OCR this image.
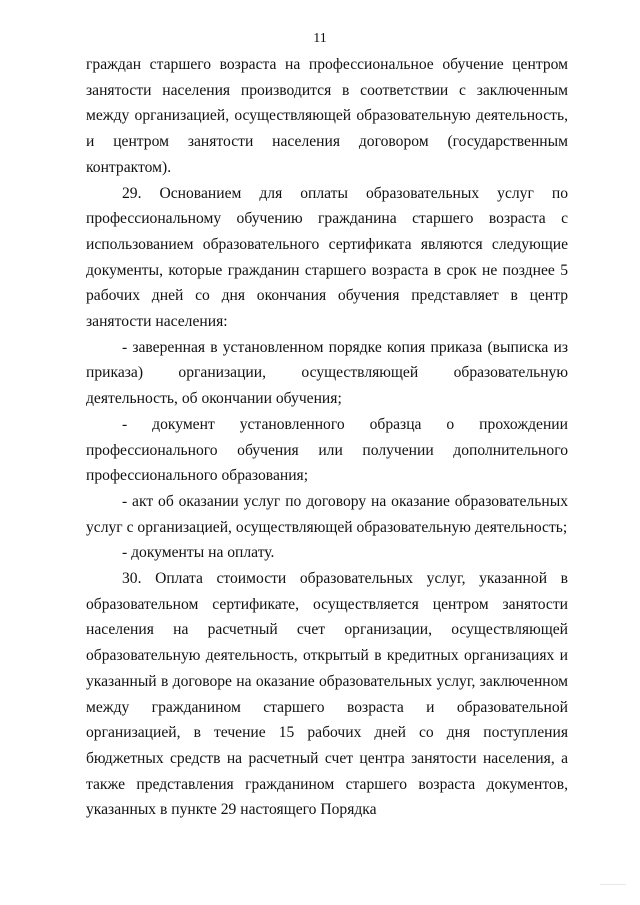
11

граждан старшего возраста на профессиональное обучение центром занятости населения производится в соответствии с заключенным между организацией, осуществляющей образовательную деятельность, и центром занятости населения договором (государственным контрактом).

29. Основанием для оплаты образовательных услуг по профессиональному обучению гражданина старшего возраста с использованием образовательного сертификата являются следующие документы, которые гражданин старшего возраста в срок не позднее 5 рабочих дней со дня окончания обучения представляет в центр занятости населения:

- заверенная в установленном порядке копия приказа (выписка из приказа) организации, осуществляющей образовательную деятельность, об окончании обучения;

- документ установленного образца о прохождении профессионального обучения или получении дополнительного профессионального образования;

- акт об оказании услуг по договору на оказание образовательных услуг с организацией, осуществляющей образовательную деятельность;

- документы на оплату.

30. Оплата стоимости образовательных услуг, указанной в образовательном сертификате, осуществляется центром занятости населения на расчетный счет организации, осуществляющей образовательную деятельность, открытый в кредитных организациях и указанный в договоре на оказание образовательных услуг, заключенном между гражданином старшего возраста и образовательной организацией, в течение 15 рабочих дней со дня поступления бюджетных средств на расчетный счет центра занятости населения, а также представления гражданином старшего возраста документов, указанных в пункте 29 настоящего Порядка
